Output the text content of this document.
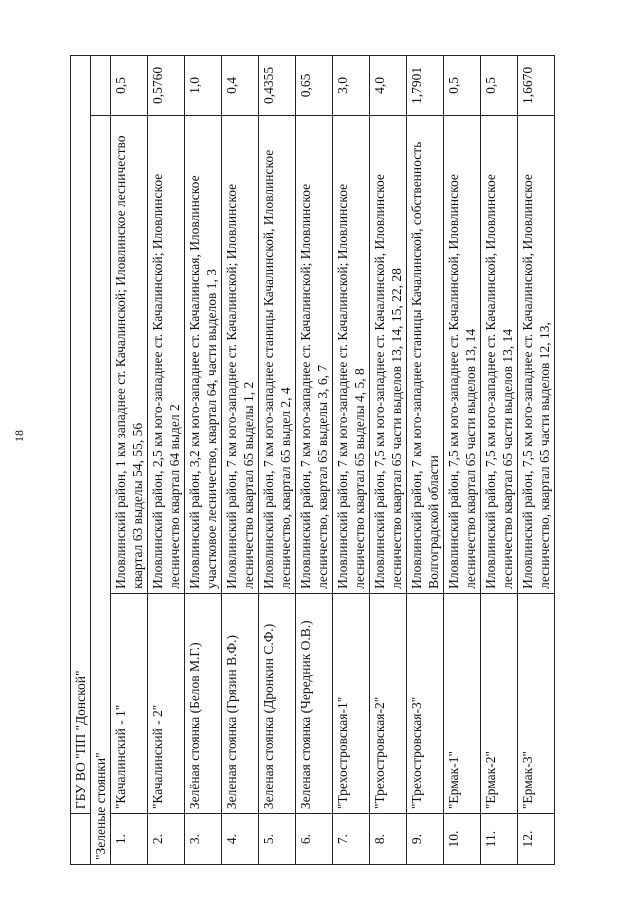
18
	ГБУ ВО "ПП "Донской"		
"Зеленые стоянки"			
1.	"Качалинский - 1"	Иловлинский район, 1 км западнее ст. Качалинской; Иловлинское лесничество квартал 63 выделы 54, 55, 56	0,5
2.	"Качалинский - 2"	Иловлинский район, 2,5 км юго-западнее ст. Качалинской; Иловлинское лесничество квартал 64 выдел 2	0,5760
3.	Зелёная стоянка (Белов М.Г.)	Иловлинский район, 3,2 км юго-западнее ст. Качалинская, Иловлинское участковое лесничество, квартал 64, части выделов 1, 3	1,0
4.	Зеленая стоянка (Грязин В.Ф.)	Иловлинский район, 7 км юго-западнее ст. Качалинской; Иловлинское лесничество квартал 65 выделы 1, 2	0,4
5.	Зеленая стоянка (Дронкин С.Ф.)	Иловлинский район, 7 км юго-западнее станицы Качалинской, Иловлинское лесничество, квартал 65 выдел 2, 4	0,4355
6.	Зеленая стоянка (Чередник О.В.)	Иловлинский район, 7 км юго-западнее ст. Качалинской; Иловлинское лесничество, квартал 65 выделы 3, 6, 7	0,65
7.	"Трехостровская-1"	Иловлинский район, 7 км юго-западнее ст. Качалинской; Иловлинское лесничество квартал 65 выделы 4, 5, 8	3,0
8.	"Трехостровская-2"	Иловлинский район, 7,5 км юго-западнее ст. Качалинской, Иловлинское лесничество квартал 65 части выделов 13, 14, 15, 22, 28	4,0
9.	"Трехостровская-3"	Иловлинский район, 7 км юго-западнее станицы Качалинской, собственность Волгоградской области	1,7901
10.	"Ермак-1"	Иловлинский район, 7,5 км юго-западнее ст. Качалинской, Иловлинское лесничество квартал 65 части выделов 13, 14	0,5
11.	"Ермак-2"	Иловлинский район, 7,5 км юго-западнее ст. Качалинской, Иловлинское лесничество квартал 65 части выделов 13, 14	0,5
12.	"Ермак-3"	Иловлинский район, 7,5 км юго-западнее ст. Качалинской, Иловлинское лесничество, квартал 65 части выделов 12, 13,	1,6670
